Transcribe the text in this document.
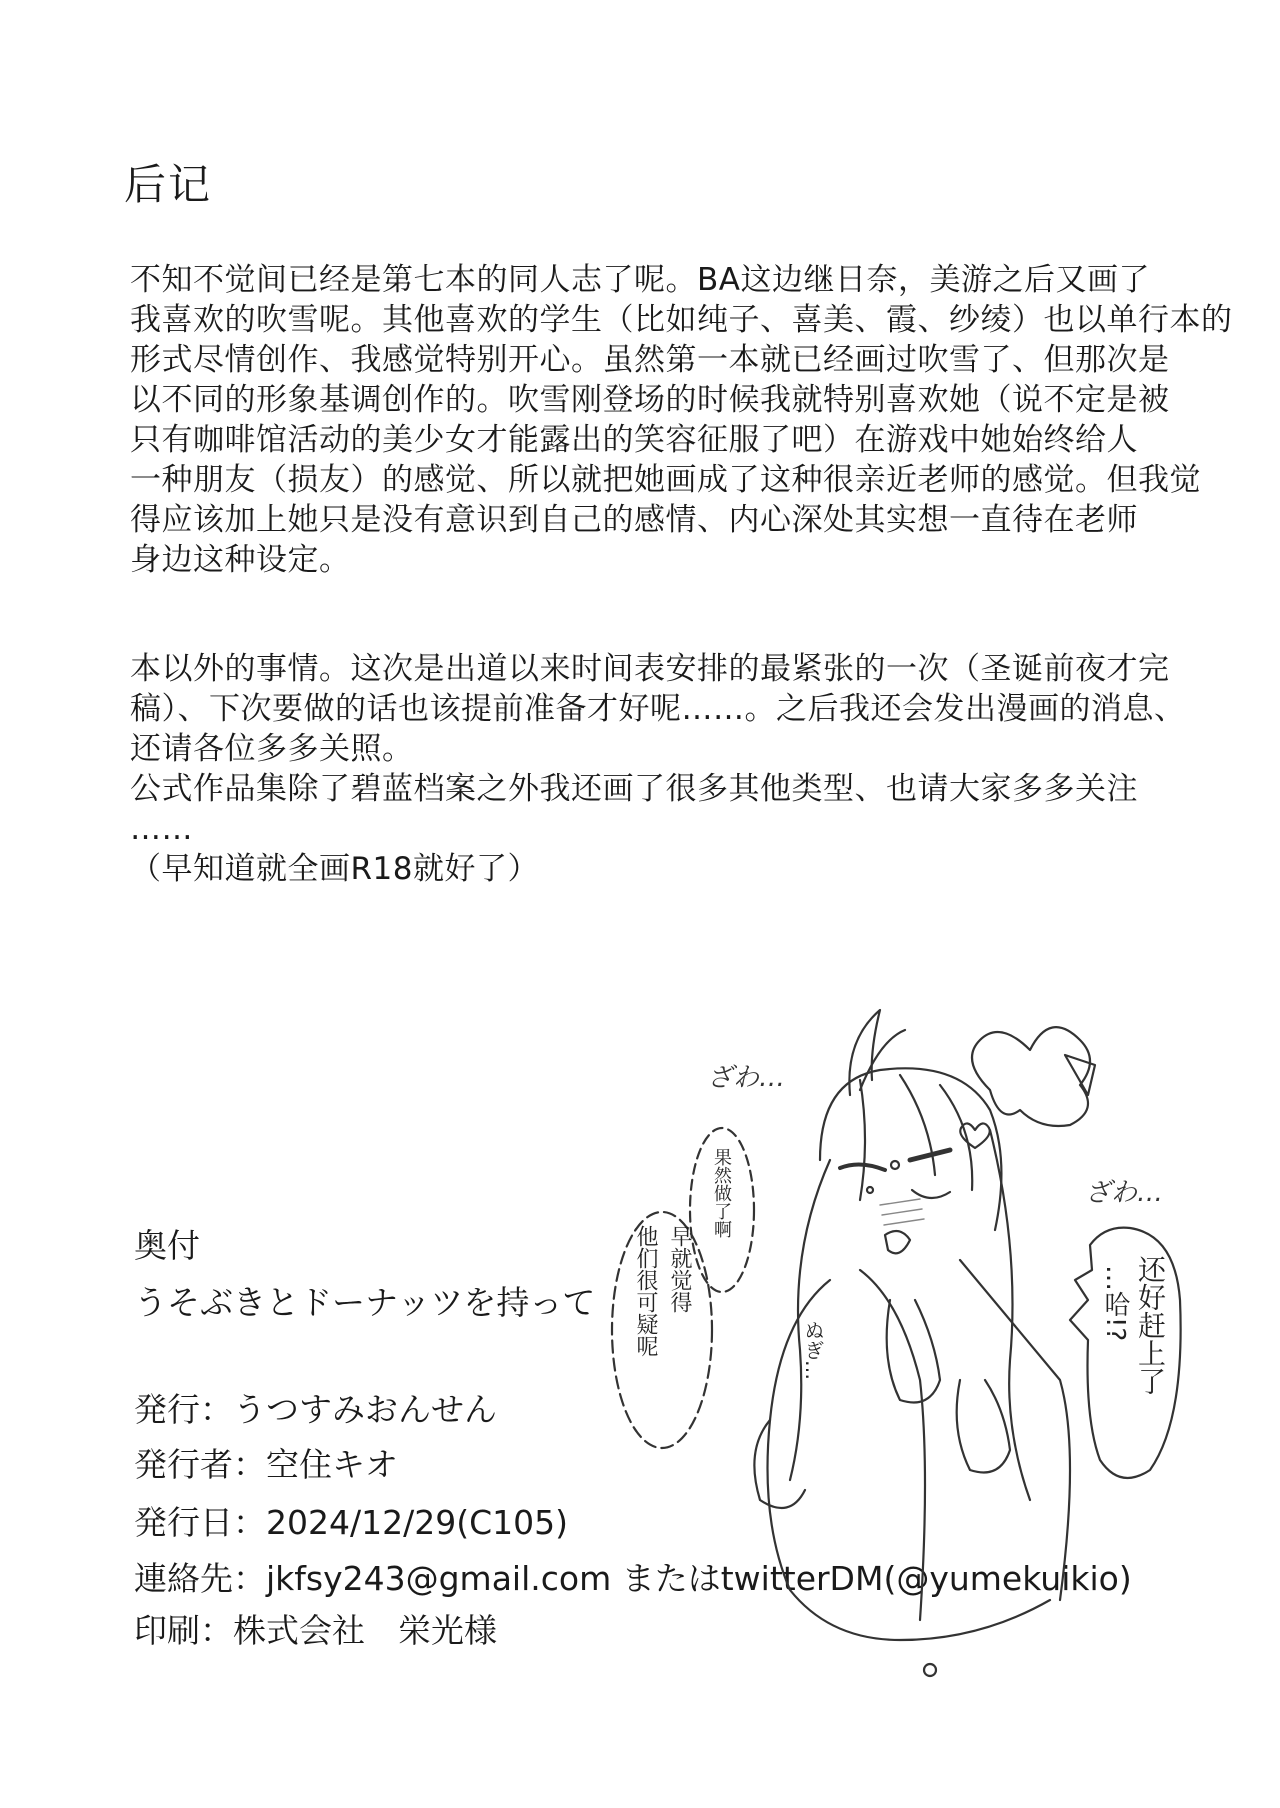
后记
不知不觉间已经是第七本的同人志了呢。BA这边继日奈，美游之后又画了
我喜欢的吹雪呢。其他喜欢的学生（比如纯子、喜美、霞、纱绫）也以单行本的
形式尽情创作、我感觉特别开心。虽然第一本就已经画过吹雪了、但那次是
以不同的形象基调创作的。吹雪刚登场的时候我就特别喜欢她（说不定是被
只有咖啡馆活动的美少女才能露出的笑容征服了吧）在游戏中她始终给人
一种朋友（损友）的感觉、所以就把她画成了这种很亲近老师的感觉。但我觉
得应该加上她只是没有意识到自己的感情、内心深处其实想一直待在老师
身边这种设定。
本以外的事情。这次是出道以来时间表安排的最紧张的一次（圣诞前夜才完
稿）、下次要做的话也该提前准备才好呢……。之后我还会发出漫画的消息、
还请各位多多关照。
公式作品集除了碧蓝档案之外我还画了很多其他类型、也请大家多多关注
……
（早知道就全画R18就好了）
奥付
うそぶきとドーナッツを持って
発行：うつすみおんせん
発行者：空住キオ
発行日：2024/12/29(C105)
連絡先：jkfsy243@gmail.com またはtwitterDM(@yumekuikio)
印刷：株式会社　栄光様
ざわ…
ざわ…
果然做了啊
早就觉得
他们很可疑呢	ぬぎ…	还好赶上了
…哈!?
